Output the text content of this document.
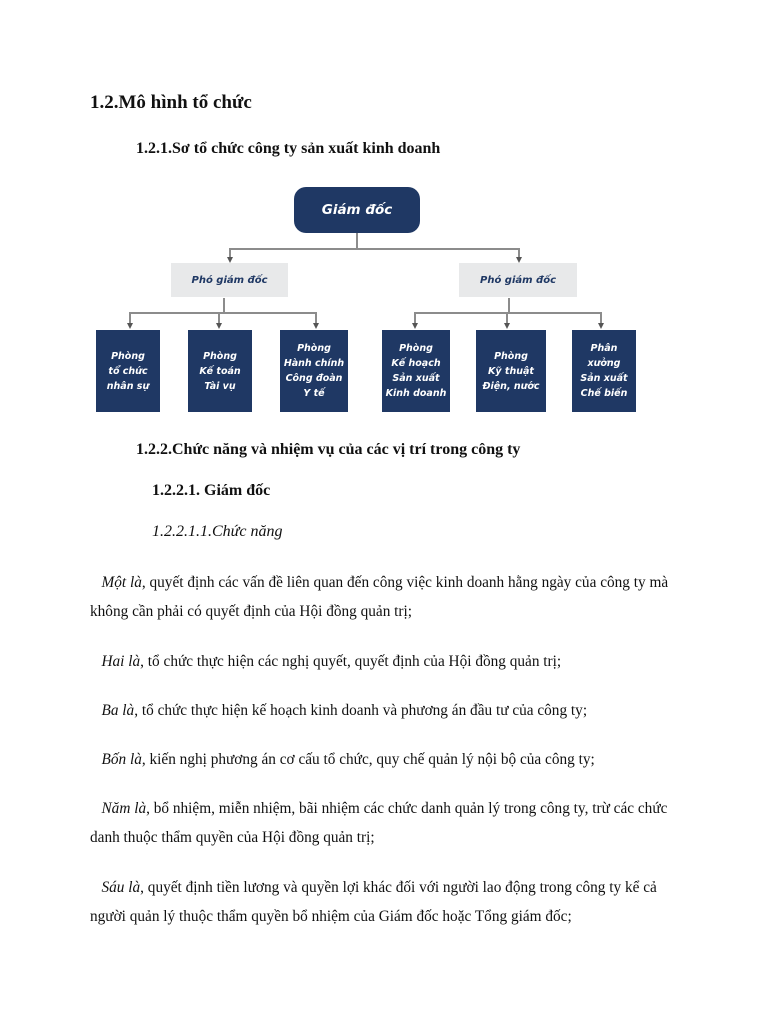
1.2.Mô hình tổ chức
1.2.1.Sơ tổ chức công ty sản xuất kinh doanh
Giám đốc
Phó giám đốc	Phó giám đốc
Phòng
tổ chức
nhân sự
Phòng
Kế toán
Tài vụ
Phòng
Hành chính
Công đoàn
Y tế
Phòng
Kế hoạch
Sản xuất
Kinh doanh
Phòng
Kỹ thuật
Điện, nước
Phân
xưởng
Sản xuất
Chế biến
1.2.2.Chức năng và nhiệm vụ của các vị trí trong công ty
1.2.2.1. Giám đốc
1.2.2.1.1.Chức năng
Một là, quyết định các vấn đề liên quan đến công việc kinh doanh hằng ngày của công ty mà không cần phải có quyết định của Hội đồng quản trị;
Hai là, tổ chức thực hiện các nghị quyết, quyết định của Hội đồng quản trị;
Ba là, tổ chức thực hiện kế hoạch kinh doanh và phương án đầu tư của công ty;
Bốn là, kiến nghị phương án cơ cấu tổ chức, quy chế quản lý nội bộ của công ty;
Năm là, bổ nhiệm, miễn nhiệm, bãi nhiệm các chức danh quản lý trong công ty, trừ các chức danh thuộc thẩm quyền của Hội đồng quản trị;
Sáu là, quyết định tiền lương và quyền lợi khác đối với người lao động trong công ty kể cả người quản lý thuộc thẩm quyền bổ nhiệm của Giám đốc hoặc Tổng giám đốc;
